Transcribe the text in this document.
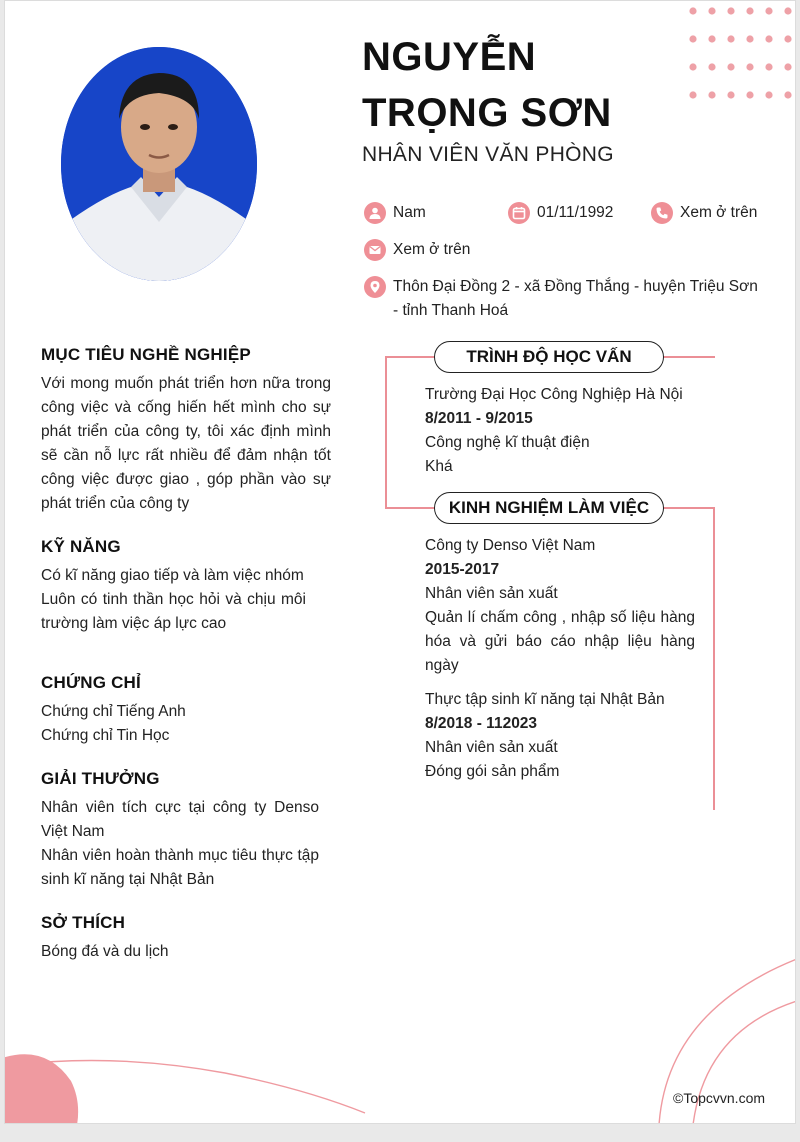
NGUYỄN
TRỌNG SƠN
NHÂN VIÊN VĂN PHÒNG
Nam	01/11/1992	Xem ở trên
Xem ở trên
Thôn Đại Đồng 2 - xã Đồng Thắng - huyện Triệu Sơn
- tỉnh Thanh Hoá
MỤC TIÊU NGHỀ NGHIỆP
Với mong muốn phát triển hơn nữa trong công việc và cống hiến hết mình cho sự phát triển của công ty, tôi xác định mình sẽ cần nỗ lực rất nhiều để đảm nhận tốt công việc được giao , góp phần vào sự phát triển của công ty
KỸ NĂNG
Có kĩ năng giao tiếp và làm việc nhóm
Luôn có tinh thần học hỏi và chịu môi trường làm việc áp lực cao
CHỨNG CHỈ
Chứng chỉ Tiếng Anh
Chứng chỉ Tin Học
GIẢI THƯỞNG
Nhân viên tích cực tại công ty Denso Việt Nam
Nhân viên hoàn thành mục tiêu thực tập sinh kĩ năng tại Nhật Bản
SỞ THÍCH
Bóng đá và du lịch
TRÌNH ĐỘ HỌC VẤN
Trường Đại Học Công Nghiệp Hà Nội
8/2011 - 9/2015
Công nghệ kĩ thuật điện
Khá
KINH NGHIỆM LÀM VIỆC
Công ty Denso Việt Nam
2015-2017
Nhân viên sản xuất
Quản lí chấm công , nhập số liệu hàng hóa và gửi báo cáo nhập liệu hàng ngày
Thực tập sinh kĩ năng tại Nhật Bản
8/2018 - 112023
Nhân viên sản xuất
Đóng gói sản phẩm
©Topcvvn.com
